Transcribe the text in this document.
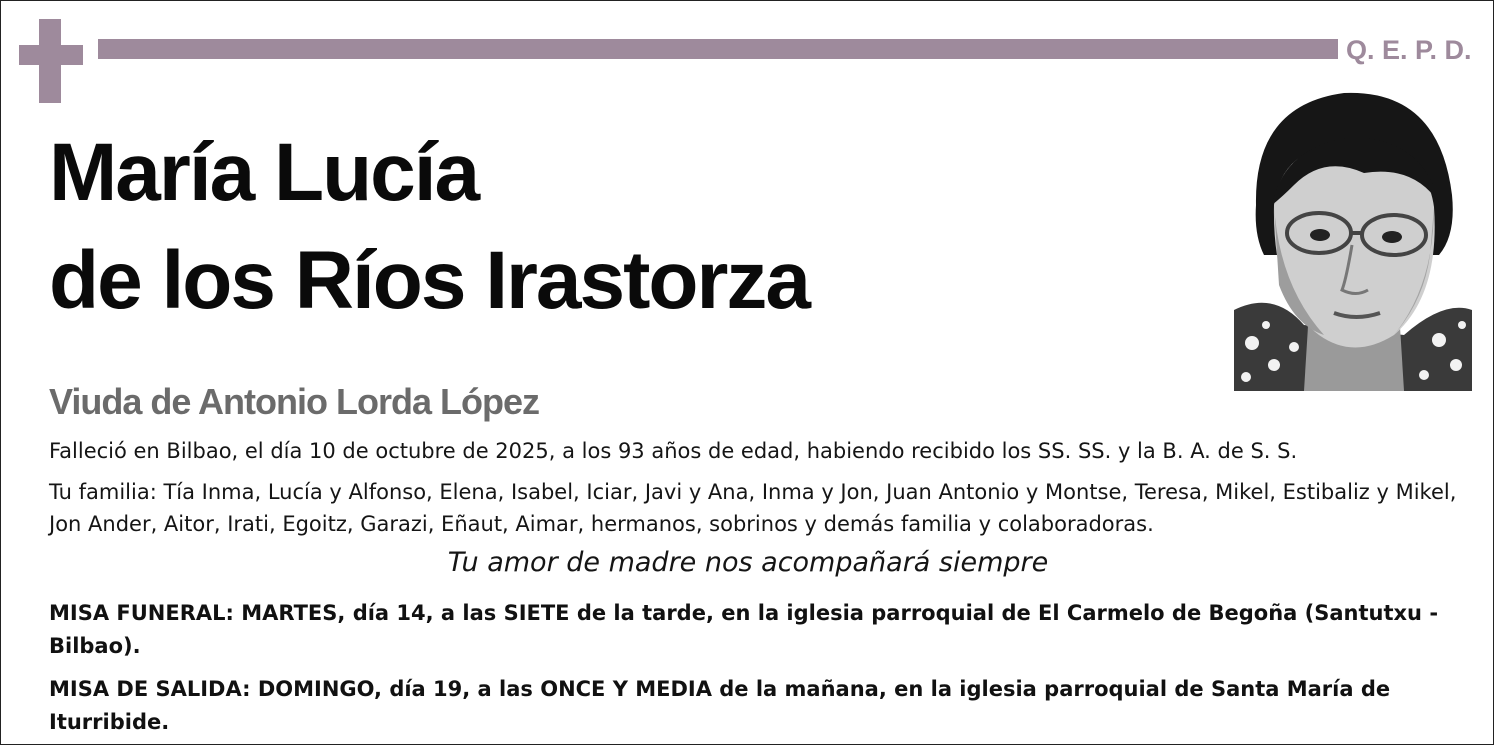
Q. E. P. D.
María Lucía
de los Ríos Irastorza
Viuda de Antonio Lorda López
Falleció en Bilbao, el día 10 de octubre de 2025, a los 93 años de edad, habiendo recibido los SS. SS. y la B. A. de S. S.
Tu familia: Tía Inma, Lucía y Alfonso, Elena, Isabel, Iciar, Javi y Ana, Inma y Jon, Juan Antonio y Montse, Teresa, Mikel, Estibaliz y Mikel, Jon Ander, Aitor, Irati, Egoitz, Garazi, Eñaut, Aimar, hermanos, sobrinos y demás familia y colaboradoras.
Tu amor de madre nos acompañará siempre
MISA FUNERAL: MARTES, día 14, a las SIETE de la tarde, en la iglesia parroquial de El Carmelo de Begoña (Santutxu - Bilbao).
MISA DE SALIDA: DOMINGO, día 19, a las ONCE Y MEDIA de la mañana, en la iglesia parroquial de Santa María de Iturribide.
